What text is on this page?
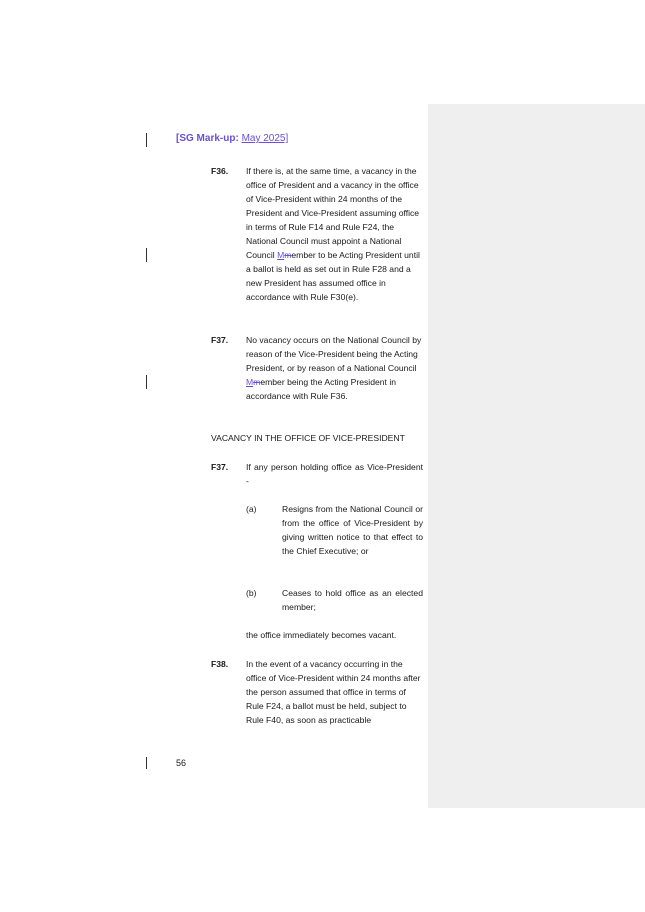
[SG Mark-up: May 2025]
F36.	If there is, at the same time, a vacancy in the office of President and a vacancy in the office of Vice-President within 24 months of the President and Vice-President assuming office in terms of Rule F14 and Rule F24, the National Council must appoint a National Council Mmember to be Acting President until a ballot is held as set out in Rule F28 and a new President has assumed office in accordance with Rule F30(e).
F37.	No vacancy occurs on the National Council by reason of the Vice-President being the Acting President, or by reason of a National Council Mmember being the Acting President in accordance with Rule F36.
VACANCY IN THE OFFICE OF VICE-PRESIDENT
F37.	If any person holding office as Vice-President -
(a)	Resigns from the National Council or from the office of Vice-President by giving written notice to that effect to the Chief Executive; or
(b)	Ceases to hold office as an elected member;
the office immediately becomes vacant.
F38.	In the event of a vacancy occurring in the office of Vice-President within 24 months after the person assumed that office in terms of Rule F24, a ballot must be held, subject to Rule F40, as soon as practicable
56
